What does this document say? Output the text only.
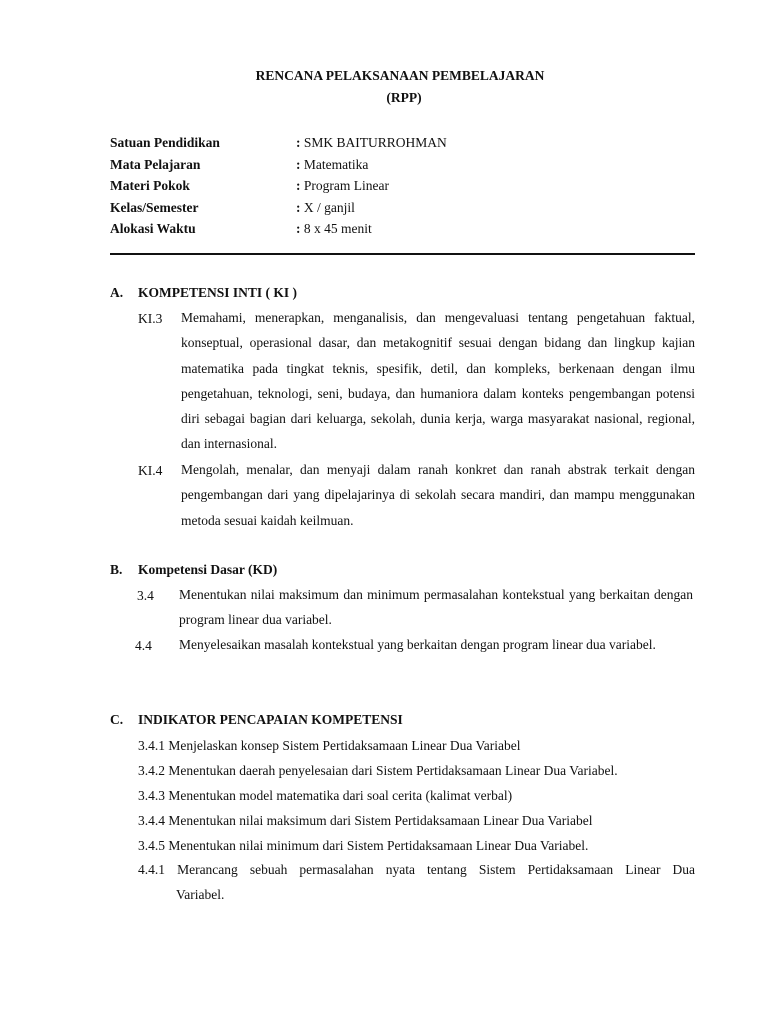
RENCANA PELAKSANAAN PEMBELAJARAN
(RPP)
Satuan Pendidikan	: SMK BAITURROHMAN
Mata Pelajaran	: Matematika
Materi Pokok	: Program Linear
Kelas/Semester	: X / ganjil
Alokasi Waktu	: 8 x 45 menit
A. KOMPETENSI INTI ( KI )
KI.3 Memahami, menerapkan, menganalisis, dan mengevaluasi tentang pengetahuan faktual, konseptual, operasional dasar, dan metakognitif sesuai dengan bidang dan lingkup kajian matematika pada tingkat teknis, spesifik, detil, dan kompleks, berkenaan dengan ilmu pengetahuan, teknologi, seni, budaya, dan humaniora dalam konteks pengembangan potensi diri sebagai bagian dari keluarga, sekolah, dunia kerja, warga masyarakat nasional, regional, dan internasional.
KI.4 Mengolah, menalar, dan menyaji dalam ranah konkret dan ranah abstrak terkait dengan pengembangan dari yang dipelajarinya di sekolah secara mandiri, dan mampu menggunakan metoda sesuai kaidah keilmuan.
B. Kompetensi Dasar (KD)
3.4 Menentukan nilai maksimum dan minimum permasalahan kontekstual yang berkaitan dengan program linear dua variabel.
4.4 Menyelesaikan masalah kontekstual yang berkaitan dengan program linear dua variabel.
C. INDIKATOR PENCAPAIAN KOMPETENSI
3.4.1 Menjelaskan konsep Sistem Pertidaksamaan Linear Dua Variabel
3.4.2 Menentukan daerah penyelesaian dari Sistem Pertidaksamaan Linear Dua Variabel.
3.4.3 Menentukan model matematika dari soal cerita (kalimat verbal)
3.4.4 Menentukan nilai maksimum dari Sistem Pertidaksamaan Linear Dua Variabel
3.4.5 Menentukan nilai minimum dari Sistem Pertidaksamaan Linear Dua Variabel.
4.4.1 Merancang sebuah permasalahan nyata tentang Sistem Pertidaksamaan Linear Dua
Variabel.
